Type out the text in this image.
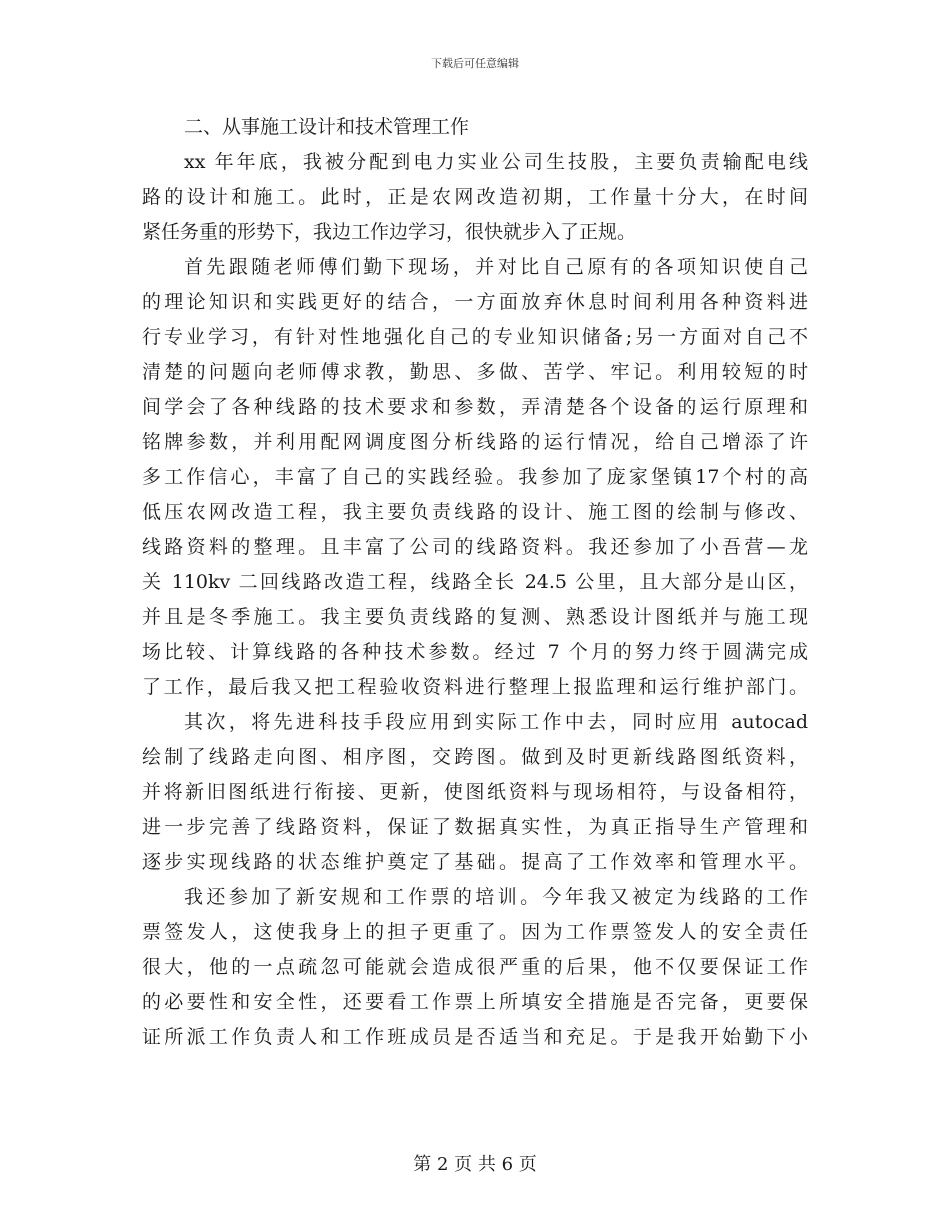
下载后可任意编辑
二、从事施工设计和技术管理工作
xx 年年底，我被分配到电力实业公司生技股，主要负责输配电线
路的设计和施工。此时，正是农网改造初期，工作量十分大，在时间
紧任务重的形势下，我边工作边学习，很快就步入了正规。
首先跟随老师傅们勤下现场，并对比自己原有的各项知识使自己
的理论知识和实践更好的结合，一方面放弃休息时间利用各种资料进
行专业学习，有针对性地强化自己的专业知识储备;另一方面对自己不
清楚的问题向老师傅求教，勤思、多做、苦学、牢记。利用较短的时
间学会了各种线路的技术要求和参数，弄清楚各个设备的运行原理和
铭牌参数，并利用配网调度图分析线路的运行情况，给自己增添了许
多工作信心，丰富了自己的实践经验。我参加了庞家堡镇17个村的高
低压农网改造工程，我主要负责线路的设计、施工图的绘制与修改、
线路资料的整理。且丰富了公司的线路资料。我还参加了小吾营—龙
关 110kv 二回线路改造工程，线路全长 24.5 公里，且大部分是山区，
并且是冬季施工。我主要负责线路的复测、熟悉设计图纸并与施工现
场比较、计算线路的各种技术参数。经过 7 个月的努力终于圆满完成
了工作，最后我又把工程验收资料进行整理上报监理和运行维护部门。
其次，将先进科技手段应用到实际工作中去，同时应用 autocad
绘制了线路走向图、相序图，交跨图。做到及时更新线路图纸资料，
并将新旧图纸进行衔接、更新，使图纸资料与现场相符，与设备相符，
进一步完善了线路资料，保证了数据真实性，为真正指导生产管理和
逐步实现线路的状态维护奠定了基础。提高了工作效率和管理水平。
我还参加了新安规和工作票的培训。今年我又被定为线路的工作
票签发人，这使我身上的担子更重了。因为工作票签发人的安全责任
很大，他的一点疏忽可能就会造成很严重的后果，他不仅要保证工作
的必要性和安全性，还要看工作票上所填安全措施是否完备，更要保
证所派工作负责人和工作班成员是否适当和充足。于是我开始勤下小
第 2 页 共 6 页
